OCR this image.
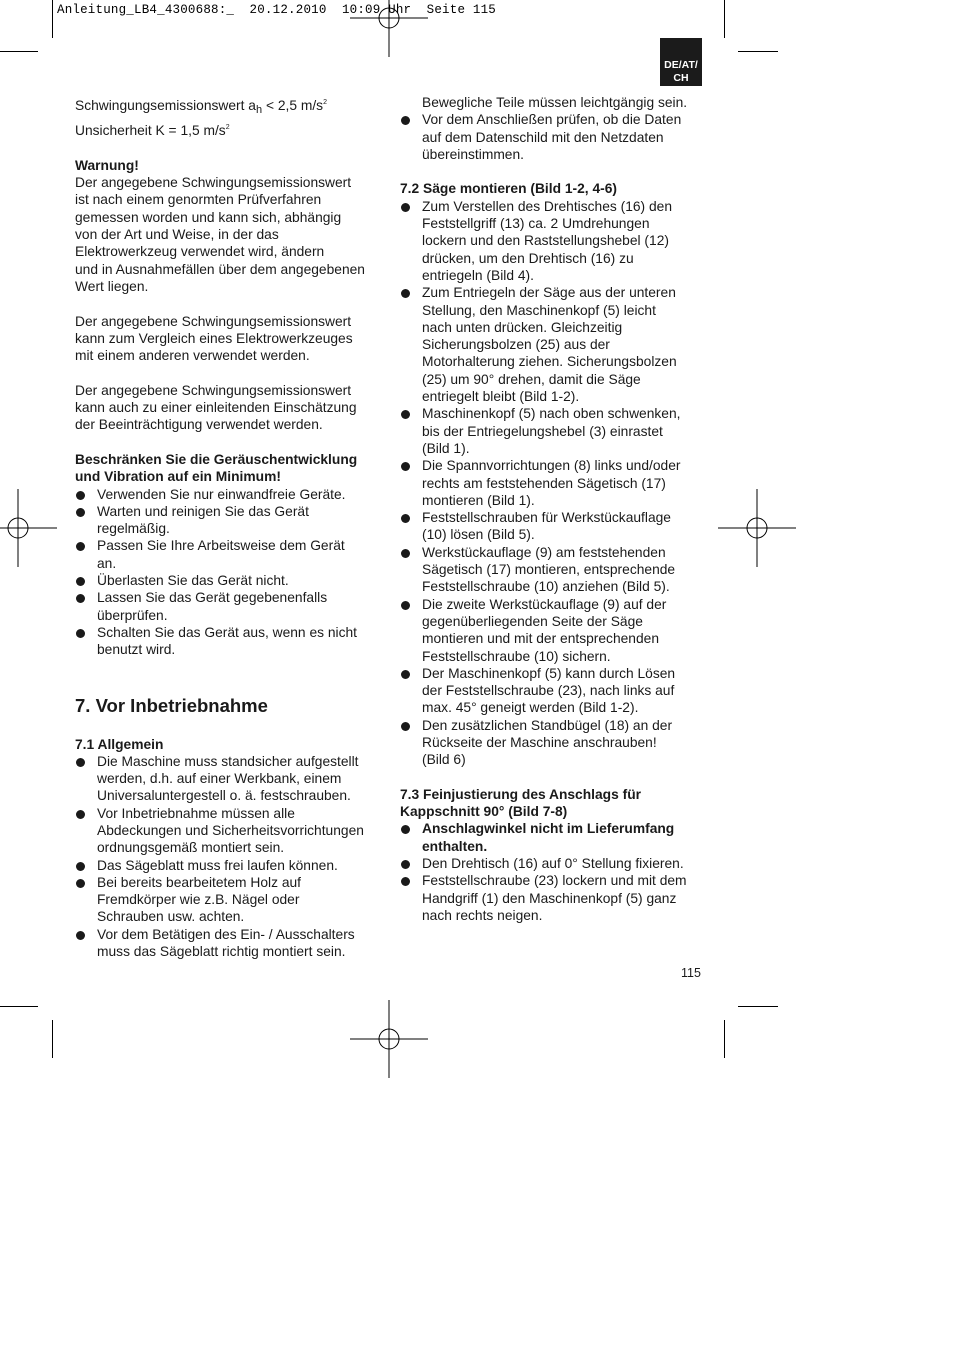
Anleitung_LB4_4300688:_  20.12.2010  10:09 Uhr  Seite 115
DE/AT/
CH

Schwingungsemissionswert $a_h < 2,5$ $m/s^2$

Unsicherheit K = 1,5 $m/s^2$

Warnung!

Der angegebene Schwingungsemissionswert
ist nach einem genormten Prüfverfahren
gemessen worden und kann sich, abhängig
von der Art und Weise, in der das
Elektrowerkzeug verwendet wird, ändern
und in Ausnahmefällen über dem angegebenen
Wert liegen.
Der angegebene Schwingungsemissionswert
kann zum Vergleich eines Elektrowerkzeuges
mit einem anderen verwendet werden.
Der angegebene Schwingungsemissionswert
kann auch zu einer einleitenden Einschätzung
der Beeinträchtigung verwendet werden.
Beschränken Sie die Geräuschentwicklung
und Vibration auf ein Minimum!
Verwenden Sie nur einwandfreie Geräte.
Warten und reinigen Sie das Gerät
regelmäßig.
Passen Sie Ihre Arbeitsweise dem Gerät
an.
Überlasten Sie das Gerät nicht.
Lassen Sie das Gerät gegebenenfalls
überprüfen.
Schalten Sie das Gerät aus, wenn es nicht
benutzt wird.
7. Vor Inbetriebnahme

7.1 Allgemein

Die Maschine muss standsicher aufgestellt
werden, d.h. auf einer Werkbank, einem
Universaluntergestell o. ä. festschrauben.
Vor Inbetriebnahme müssen alle
Abdeckungen und Sicherheitsvorrichtungen
ordnungsgemäß montiert sein.
Das Sägeblatt muss frei laufen können.
Bei bereits bearbeitetem Holz auf
Fremdkörper wie z.B. Nägel oder
Schrauben usw. achten.
Vor dem Betätigen des Ein- / Ausschalters
muss das Sägeblatt richtig montiert sein.

Bewegliche Teile müssen leichtgängig sein.

Vor dem Anschließen prüfen, ob die Daten
auf dem Datenschild mit den Netzdaten
übereinstimmen.

7.2 Säge montieren (Bild 1-2, 4-6)

Zum Verstellen des Drehtisches (16) den
Feststellgriff (13) ca. 2 Umdrehungen
lockern und den Raststellungshebel (12)
drücken, um den Drehtisch (16) zu
entriegeln (Bild 4).
Zum Entriegeln der Säge aus der unteren
Stellung, den Maschinenkopf (5) leicht
nach unten drücken. Gleichzeitig
Sicherungsbolzen (25) aus der
Motorhalterung ziehen. Sicherungsbolzen
(25) um 90° drehen, damit die Säge
entriegelt bleibt (Bild 1-2).
Maschinenkopf (5) nach oben schwenken,
bis der Entriegelungshebel (3) einrastet
(Bild 1).
Die Spannvorrichtungen (8) links und/oder
rechts am feststehenden Sägetisch (17)
montieren (Bild 1).
Feststellschrauben für Werkstückauflage
(10) lösen (Bild 5).
Werkstückauflage (9) am feststehenden
Sägetisch (17) montieren, entsprechende
Feststellschraube (10) anziehen (Bild 5).
Die zweite Werkstückauflage (9) auf der
gegenüberliegenden Seite der Säge
montieren und mit der entsprechenden
Feststellschraube (10) sichern.
Der Maschinenkopf (5) kann durch Lösen
der Feststellschraube (23), nach links auf
max. 45° geneigt werden (Bild 1-2).
Den zusätzlichen Standbügel (18) an der
Rückseite der Maschine anschrauben!
(Bild 6)
7.3 Feinjustierung des Anschlags für
Kappschnitt 90° (Bild 7-8)
Anschlagwinkel nicht im Lieferumfang
enthalten.
Den Drehtisch (16) auf 0° Stellung fixieren.
Feststellschraube (23) lockern und mit dem
Handgriff (1) den Maschinenkopf (5) ganz
nach rechts neigen.
115
